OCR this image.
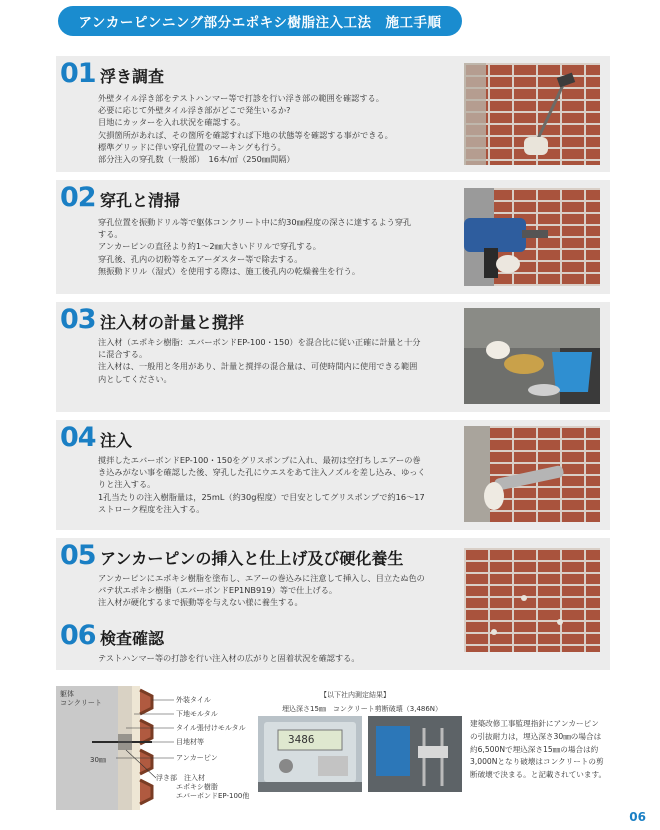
アンカーピンニング部分エポキシ樹脂注入工法　施工手順
01 浮き調査

外壁タイル浮き部をテストハンマー等で打診を行い浮き部の範囲を確認する。

必要に応じて外壁タイル浮き部がどこで発生いるか?

目地にカッターを入れ状況を確認する。

欠損箇所があれば、その箇所を確認すれば下地の状態等を確認する事ができる。

標準グリッドに伴い穿孔位置のマーキングも行う。

部分注入の穿孔数（一般部）　16本/㎡（250㎜間隔）

02 穿孔と清掃

穿孔位置を振動ドリル等で躯体コンクリート中に約30㎜程度の深さに達するよう穿孔

する。

アンカーピンの直径より約1～2㎜大きいドリルで穿孔する。

穿孔後、孔内の切粉等をエアーダスター等で除去する。

無振動ドリル（湿式）を使用する際は、施工後孔内の乾燥養生を行う。

03 注入材の計量と撹拌

注入材（エポキシ樹脂：エバーボンドEP-100・150）を混合比に従い正確に計量と十分

に混合する。

注入材は、一般用と冬用があり、計量と撹拌の混合量は、可使時間内に使用できる範囲

内としてください。

04 注入

撹拌したエバーボンドEP-100・150をグリスポンプに入れ、最初は空打ちしエアーの巻

き込みがない事を確認した後、穿孔した孔にウエスをあて注入ノズルを差し込み、ゆっく

りと注入する。

1孔当たりの注入樹脂量は，25mL（約30g程度）で目安としてグリスポンプで約16～17

ストローク程度を注入する。

05 アンカーピンの挿入と仕上げ及び硬化養生

アンカーピンにエポキシ樹脂を塗布し、エアーの巻込みに注意して挿入し、目立たぬ色の

パテ状エポキシ樹脂（エバーボンドEP1NB919）等で仕上げる。

注入材が硬化するまで振動等を与えない様に養生する。

06 検査確認

テストハンマー等の打診を行い注入材の広がりと固着状況を確認する。

躯体
コンクリート	外装タイル
下地モルタル
タイル張付けモルタル
目地材等
アンカーピン
30㎜
浮き部　 注入材
エポキシ樹脂
エバーボンドEP-100他
【以下社内測定結果】
埋込深さ15㎜　コンクリート剪断破壊（3,486N）
3486
建築改修工事監理指針にアンカーピン
の引抜耐力は，埋込深さ30㎜の場合は
約6,500Nで埋込深さ15㎜の場合は約
3,000Nとなり破壊はコンクリートの剪
断破壊で決まる。と記載されています。
06
